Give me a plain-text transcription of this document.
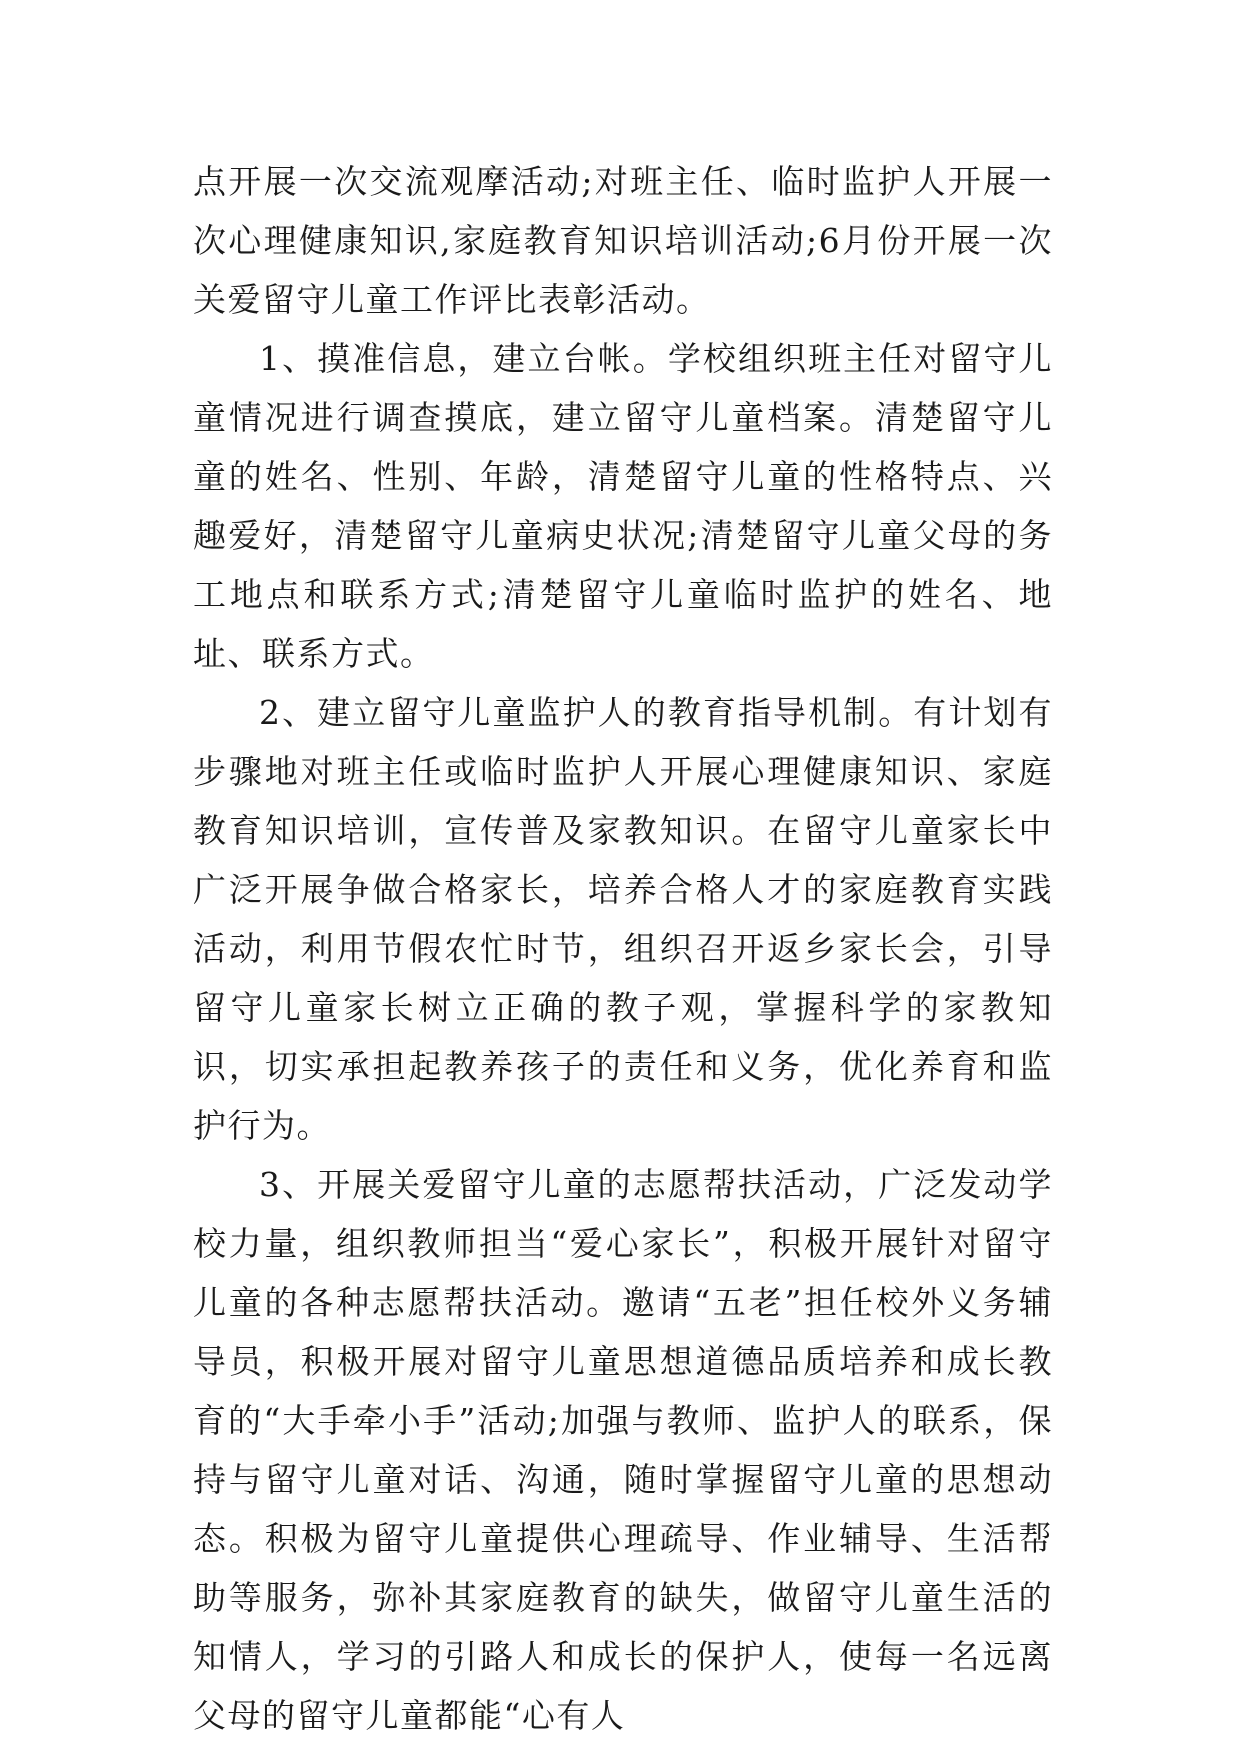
点开展一次交流观摩活动;对班主任、临时监护人开展一次心理健康知识,家庭教育知识培训活动;6月份开展一次关爱留守儿童工作评比表彰活动。

1、摸准信息，建立台帐。学校组织班主任对留守儿童情况进行调查摸底，建立留守儿童档案。清楚留守儿童的姓名、性别、年龄，清楚留守儿童的性格特点、兴趣爱好，清楚留守儿童病史状况;清楚留守儿童父母的务工地点和联系方式;清楚留守儿童临时监护的姓名、地址、联系方式。

2、建立留守儿童监护人的教育指导机制。有计划有步骤地对班主任或临时监护人开展心理健康知识、家庭教育知识培训，宣传普及家教知识。在留守儿童家长中广泛开展争做合格家长，培养合格人才的家庭教育实践活动，利用节假农忙时节，组织召开返乡家长会，引导留守儿童家长树立正确的教子观，掌握科学的家教知识，切实承担起教养孩子的责任和义务，优化养育和监护行为。

3、开展关爱留守儿童的志愿帮扶活动，广泛发动学校力量，组织教师担当“爱心家长”，积极开展针对留守儿童的各种志愿帮扶活动。邀请“五老”担任校外义务辅导员，积极开展对留守儿童思想道德品质培养和成长教育的“大手牵小手”活动;加强与教师、监护人的联系，保持与留守儿童对话、沟通，随时掌握留守儿童的思想动态。积极为留守儿童提供心理疏导、作业辅导、生活帮助等服务，弥补其家庭教育的缺失，做留守儿童生活的知情人，学习的引路人和成长的保护人，使每一名远离父母的留守儿童都能“心有人
